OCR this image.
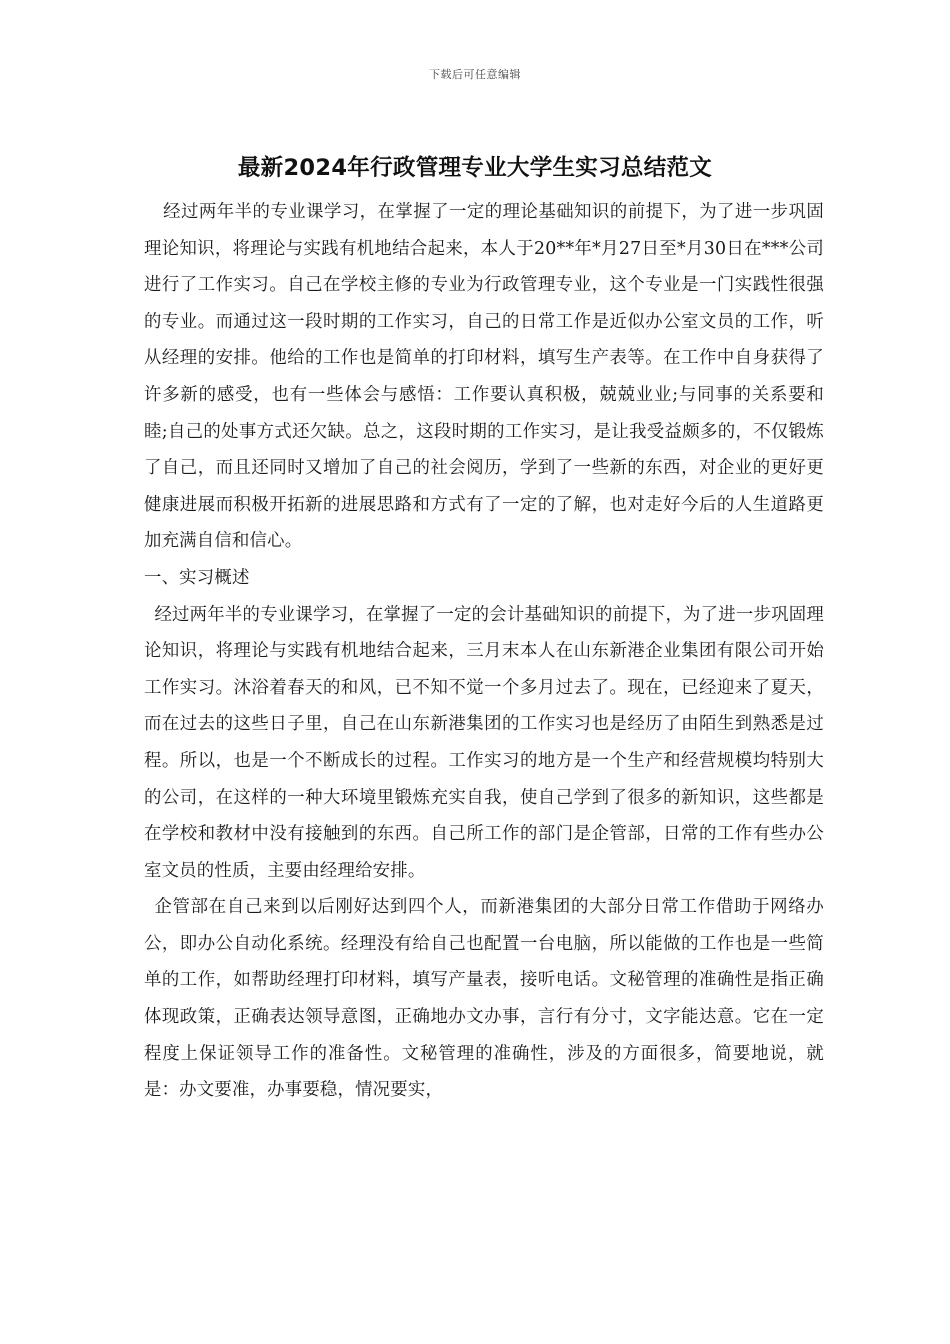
下载后可任意编辑
最新2024年行政管理专业大学生实习总结范文

经过两年半的专业课学习，在掌握了一定的理论基础知识的前提下，为了进一步巩固理论知识，将理论与实践有机地结合起来，本人于20**年*月27日至*月30日在***公司进行了工作实习。自己在学校主修的专业为行政管理专业，这个专业是一门实践性很强的专业。而通过这一段时期的工作实习，自己的日常工作是近似办公室文员的工作，听从经理的安排。他给的工作也是简单的打印材料，填写生产表等。在工作中自身获得了许多新的感受，也有一些体会与感悟：工作要认真积极，兢兢业业;与同事的关系要和睦;自己的处事方式还欠缺。总之，这段时期的工作实习，是让我受益颇多的，不仅锻炼了自己，而且还同时又增加了自己的社会阅历，学到了一些新的东西，对企业的更好更健康进展而积极开拓新的进展思路和方式有了一定的了解，也对走好今后的人生道路更加充满自信和信心。

一、实习概述

经过两年半的专业课学习，在掌握了一定的会计基础知识的前提下，为了进一步巩固理论知识，将理论与实践有机地结合起来，三月末本人在山东新港企业集团有限公司开始工作实习。沐浴着春天的和风，已不知不觉一个多月过去了。现在，已经迎来了夏天，而在过去的这些日子里，自己在山东新港集团的工作实习也是经历了由陌生到熟悉是过程。所以，也是一个不断成长的过程。工作实习的地方是一个生产和经营规模均特别大的公司，在这样的一种大环境里锻炼充实自我，使自己学到了很多的新知识，这些都是在学校和教材中没有接触到的东西。自己所工作的部门是企管部，日常的工作有些办公室文员的性质，主要由经理给安排。

企管部在自己来到以后刚好达到四个人，而新港集团的大部分日常工作借助于网络办公，即办公自动化系统。经理没有给自己也配置一台电脑，所以能做的工作也是一些简单的工作，如帮助经理打印材料，填写产量表，接听电话。文秘管理的准确性是指正确体现政策，正确表达领导意图，正确地办文办事，言行有分寸，文字能达意。它在一定程度上保证领导工作的准备性。文秘管理的准确性，涉及的方面很多，简要地说，就是：办文要准，办事要稳，情况要实，
